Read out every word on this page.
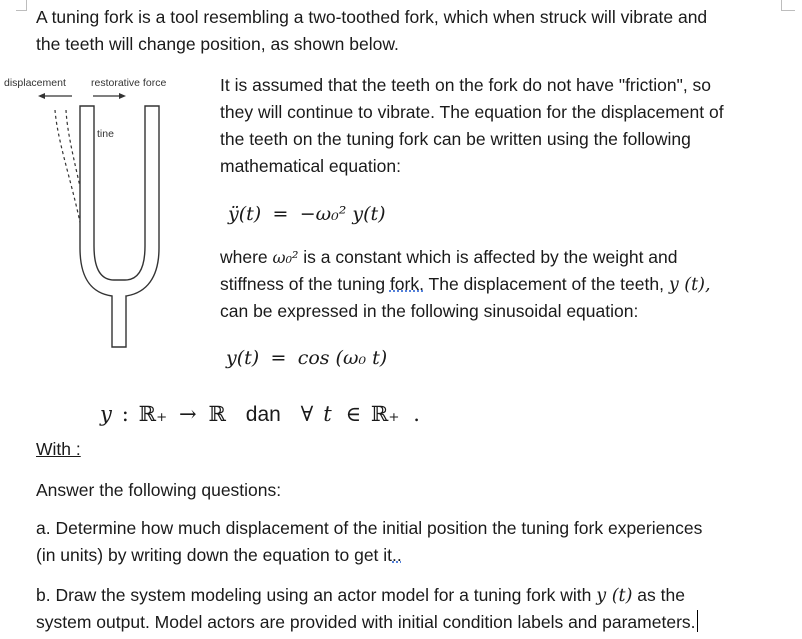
A tuning fork is a tool resembling a two-toothed fork, which when struck will vibrate and
the teeth will change position, as shown below.
displacement restorative force
tine
It is assumed that the teeth on the fork do not have "friction", so
they will continue to vibrate. The equation for the displacement of
the teeth on the tuning fork can be written using the following
mathematical equation:
ÿ(t) = −ω₀² y(t)
where ω₀² is a constant which is affected by the weight and
stiffness of the tuning fork. The displacement of the teeth, y (t),
can be expressed in the following sinusoidal equation:
y(t) = cos (ω₀ t)
y : ℝ₊ → ℝ dan ∀ t ∈ ℝ₊ .
With :
Answer the following questions:
a. Determine how much displacement of the initial position the tuning fork experiences
(in units) by writing down the equation to get it..
b. Draw the system modeling using an actor model for a tuning fork with y (t) as the
system output. Model actors are provided with initial condition labels and parameters.
